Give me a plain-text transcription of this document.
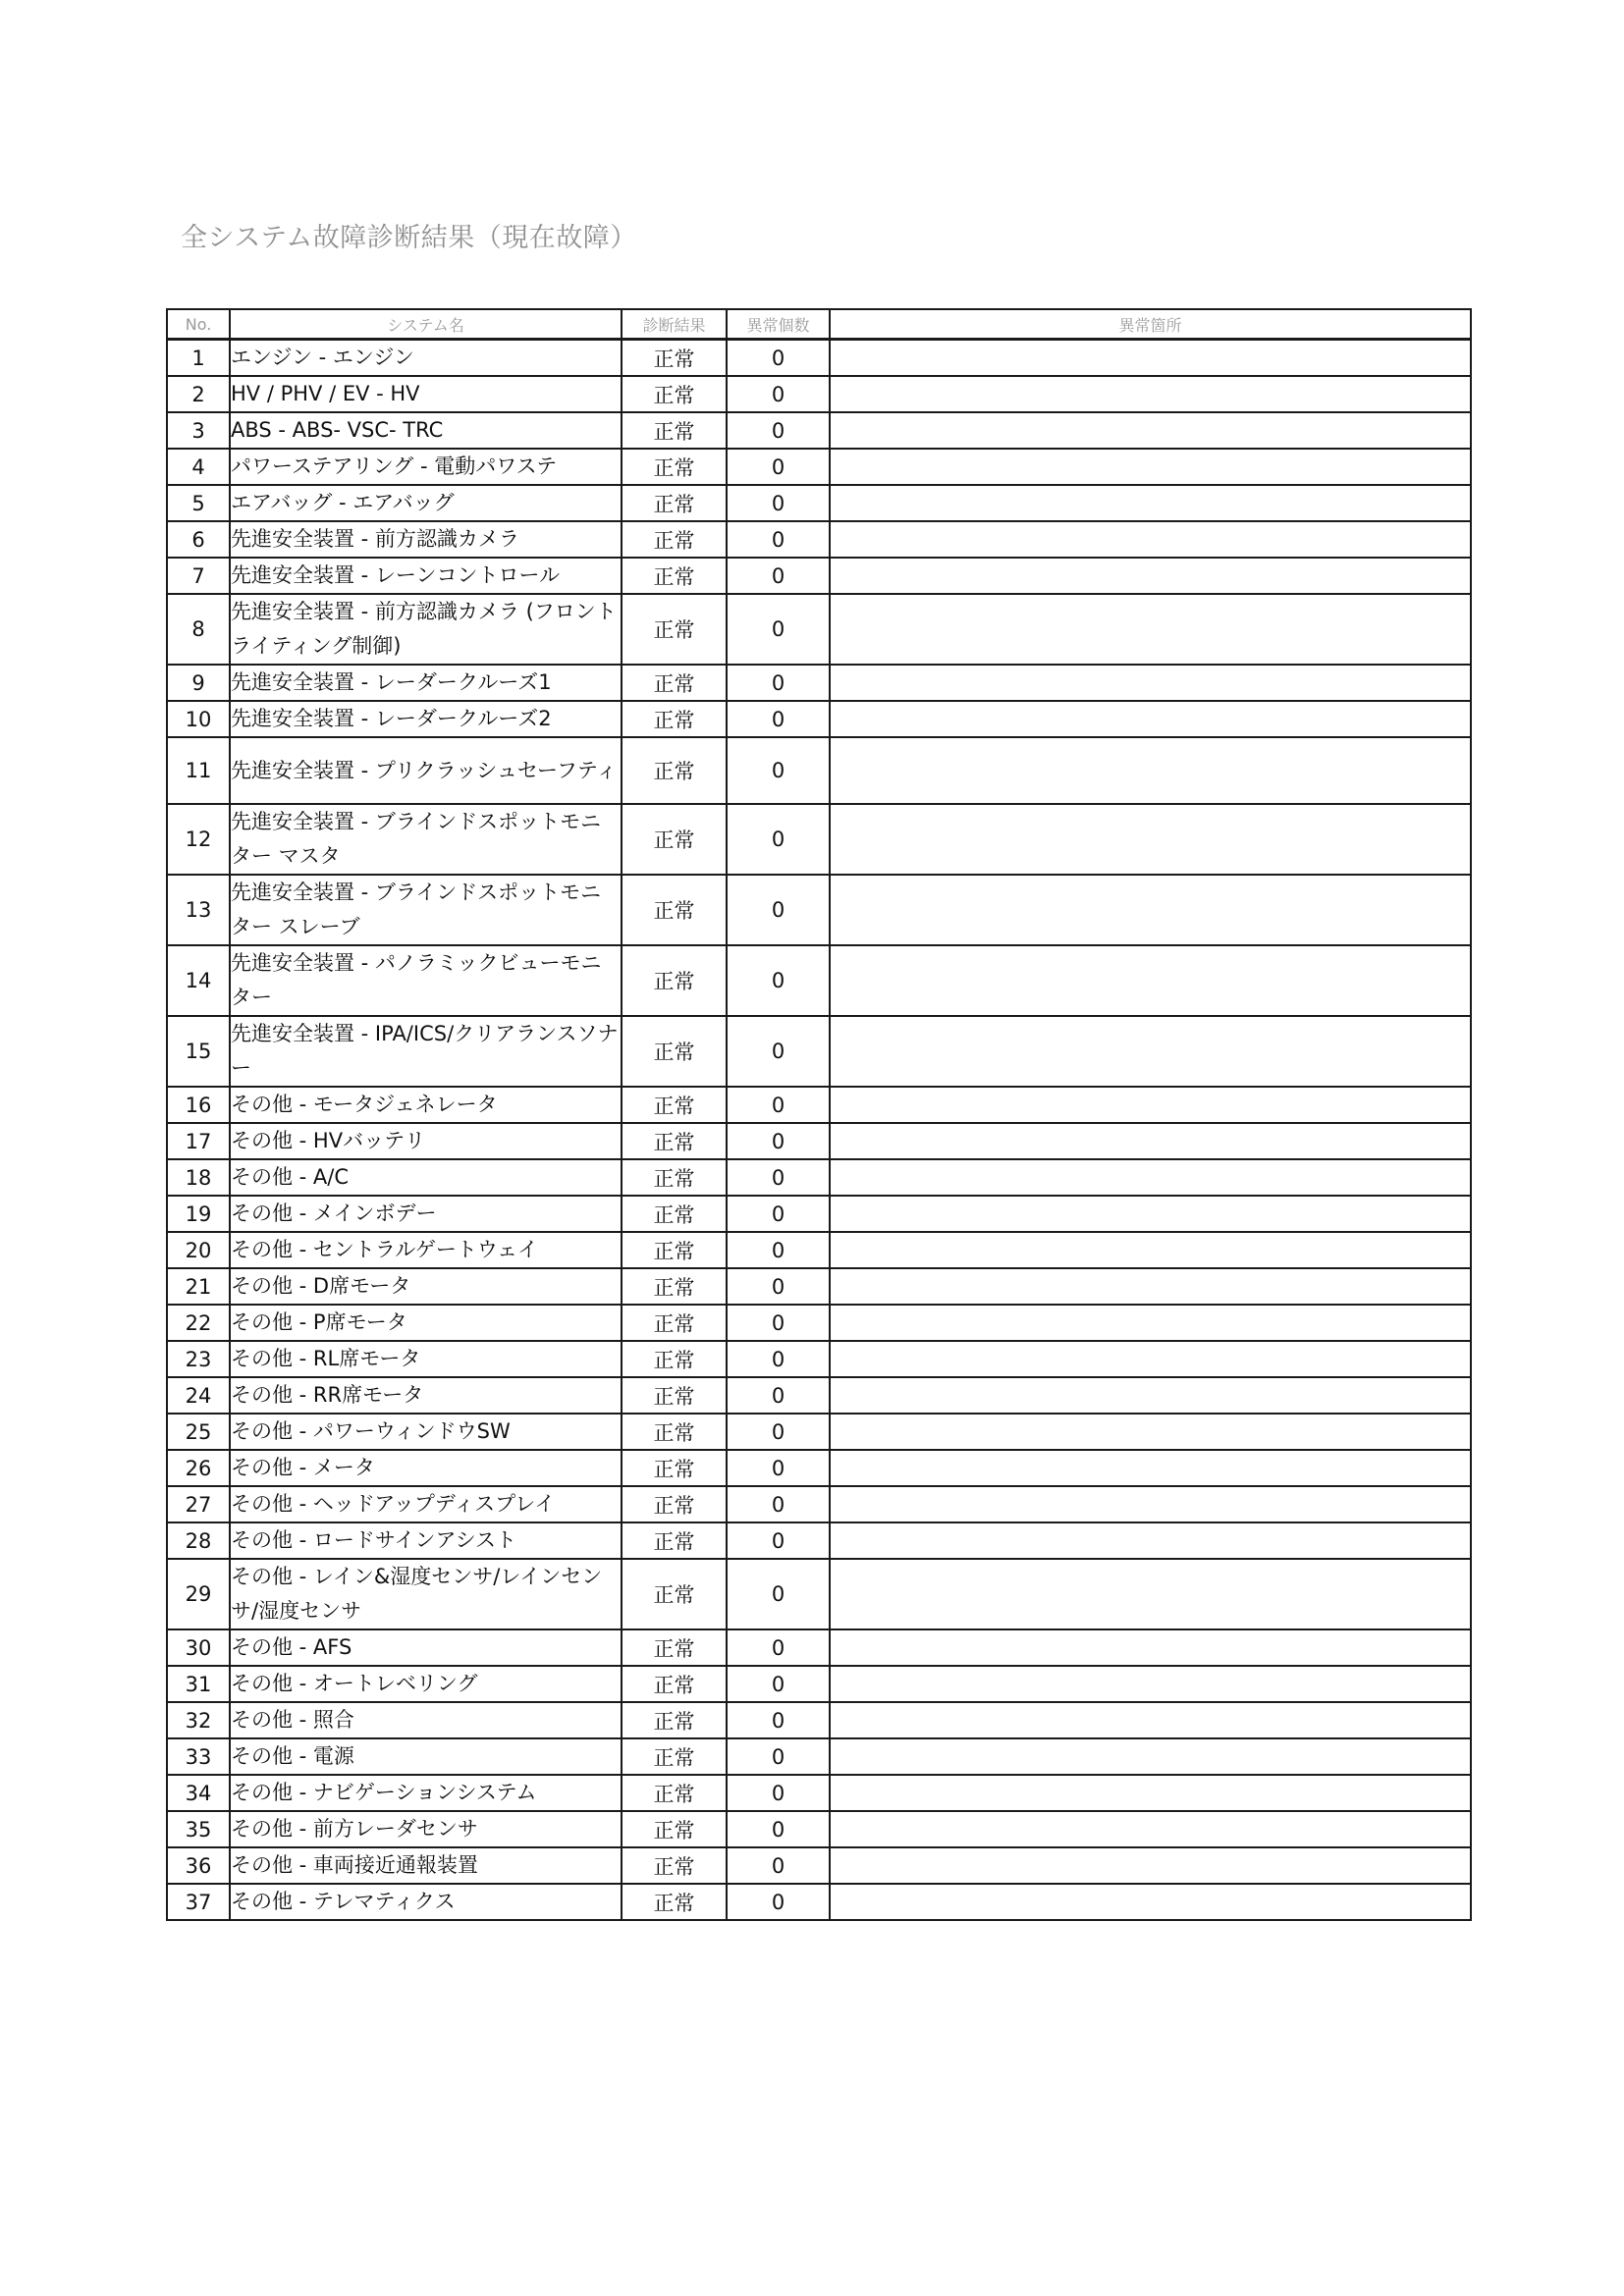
全システム故障診断結果（現在故障）
No.	システム名	診断結果	異常個数	異常箇所
1	エンジン - エンジン	正常	0	
2	HV / PHV / EV - HV	正常	0	
3	ABS - ABS- VSC- TRC	正常	0	
4	パワーステアリング - 電動パワステ	正常	0	
5	エアバッグ - エアバッグ	正常	0	
6	先進安全装置 - 前方認識カメラ	正常	0	
7	先進安全装置 - レーンコントロール	正常	0	
8	先進安全装置 - 前方認識カメラ (フロントライティング制御)	正常	0	
9	先進安全装置 - レーダークルーズ1	正常	0	
10	先進安全装置 - レーダークルーズ2	正常	0	
11	先進安全装置 - プリクラッシュセーフティ	正常	0	
12	先進安全装置 - ブラインドスポットモニター マスタ	正常	0	
13	先進安全装置 - ブラインドスポットモニター スレーブ	正常	0	
14	先進安全装置 - パノラミックビューモニター	正常	0	
15	先進安全装置 - IPA/ICS/クリアランスソナー	正常	0	
16	その他 - モータジェネレータ	正常	0	
17	その他 - HVバッテリ	正常	0	
18	その他 - A/C	正常	0	
19	その他 - メインボデー	正常	0	
20	その他 - セントラルゲートウェイ	正常	0	
21	その他 - D席モータ	正常	0	
22	その他 - P席モータ	正常	0	
23	その他 - RL席モータ	正常	0	
24	その他 - RR席モータ	正常	0	
25	その他 - パワーウィンドウSW	正常	0	
26	その他 - メータ	正常	0	
27	その他 - ヘッドアップディスプレイ	正常	0	
28	その他 - ロードサインアシスト	正常	0	
29	その他 - レイン&湿度センサ/レインセンサ/湿度センサ	正常	0	
30	その他 - AFS	正常	0	
31	その他 - オートレベリング	正常	0	
32	その他 - 照合	正常	0	
33	その他 - 電源	正常	0	
34	その他 - ナビゲーションシステム	正常	0	
35	その他 - 前方レーダセンサ	正常	0	
36	その他 - 車両接近通報装置	正常	0	
37	その他 - テレマティクス	正常	0	
